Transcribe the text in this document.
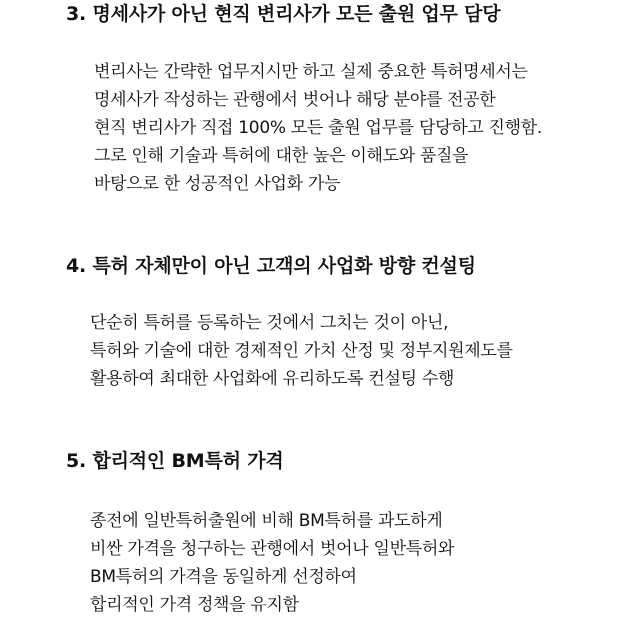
3. 명세사가 아닌 현직 변리사가 모든 출원 업무 담당

변리사는 간략한 업무지시만 하고 실제 중요한 특허명세서는
명세사가 작성하는 관행에서 벗어나 해당 분야를 전공한
현직 변리사가 직접 100% 모든 출원 업무를 담당하고 진행함.
그로 인해 기술과 특허에 대한 높은 이해도와 품질을
바탕으로 한 성공적인 사업화 가능

4. 특허 자체만이 아닌 고객의 사업화 방향 컨설팅

단순히 특허를 등록하는 것에서 그치는 것이 아닌,
특허와 기술에 대한 경제적인 가치 산정 및 정부지원제도를
활용하여 최대한 사업화에 유리하도록 컨설팅 수행

5. 합리적인 BM특허 가격

종전에 일반특허출원에 비해 BM특허를 과도하게
비싼 가격을 청구하는 관행에서 벗어나 일반특허와
BM특허의 가격을 동일하게 선정하여
합리적인 가격 정책을 유지함
